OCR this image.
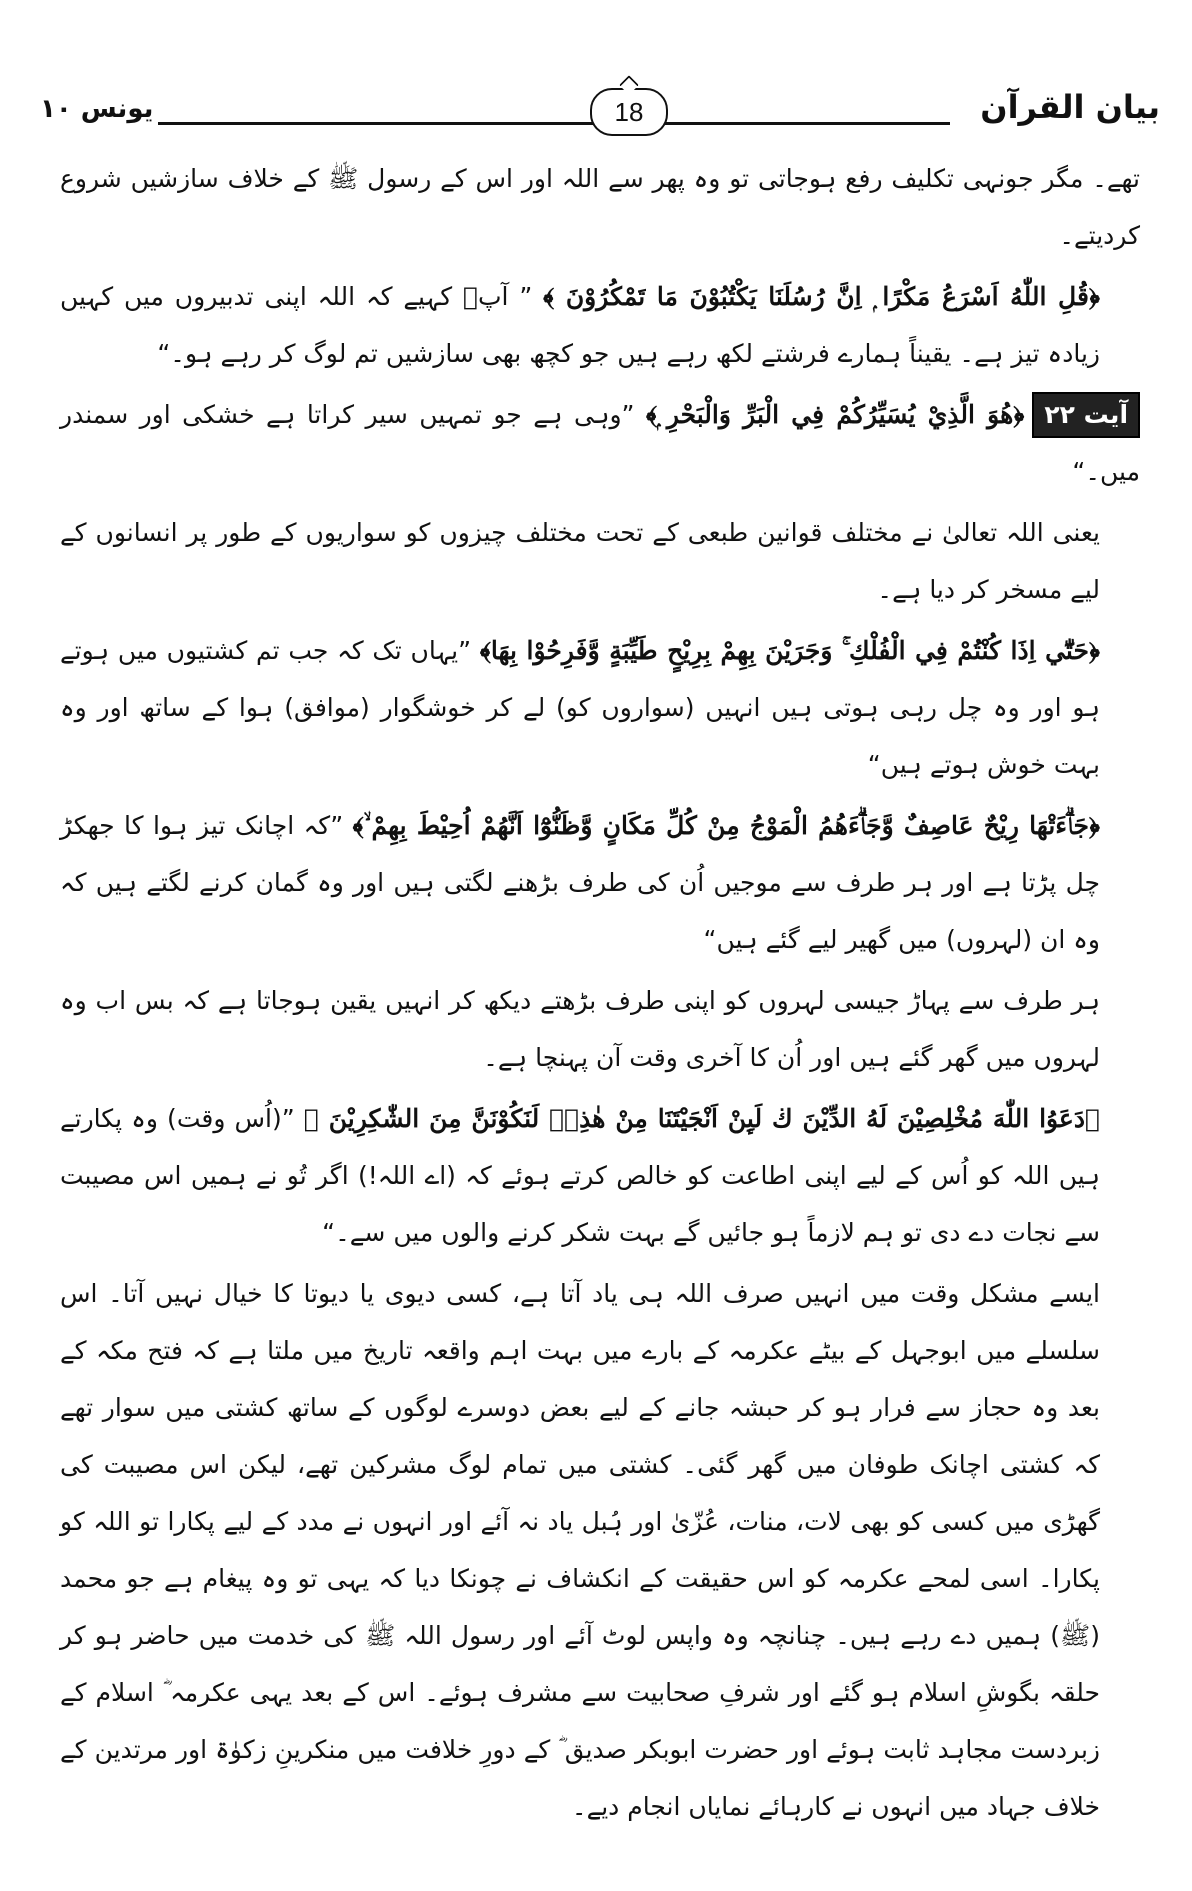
بیان القرآن
18
یونس ۱۰

تھے۔ مگر جونہی تکلیف رفع ہوجاتی تو وہ پھر سے اللہ اور اس کے رسول ﷺ کے خلاف سازشیں شروع کردیتے۔

﴿قُلِ اللّٰهُ اَسْرَعُ مَكْرًا ۭ اِنَّ رُسُلَنَا يَكْتُبُوْنَ مَا تَمْكُرُوْنَ ﴾ ” آپؐ کہیے کہ اللہ اپنی تدبیروں میں کہیں زیادہ تیز ہے۔ یقیناً ہمارے فرشتے لکھ رہے ہیں جو کچھ بھی سازشیں تم لوگ کر رہے ہو۔“

آیت ۲۲﴿هُوَ الَّذِيْ يُسَيِّرُكُمْ فِي الْبَرِّ وَالْبَحْرِ ۭ﴾ ”وہی ہے جو تمہیں سیر کراتا ہے خشکی اور سمندر میں۔“

یعنی اللہ تعالیٰ نے مختلف قوانین طبعی کے تحت مختلف چیزوں کو سواریوں کے طور پر انسانوں کے لیے مسخر کر دیا ہے۔

﴿حَتّٰٓي اِذَا كُنْتُمْ فِي الْفُلْكِ ۚ وَجَرَيْنَ بِهِمْ بِرِيْحٍ طَيِّبَةٍ وَّفَرِحُوْا بِهَا﴾ ”یہاں تک کہ جب تم کشتیوں میں ہوتے ہو اور وہ چل رہی ہوتی ہیں انہیں (سواروں کو) لے کر خوشگوار (موافق) ہوا کے ساتھ اور وہ بہت خوش ہوتے ہیں“

﴿جَاۗءَتْهَا رِيْحٌ عَاصِفٌ وَّجَاۗءَهُمُ الْمَوْجُ مِنْ كُلِّ مَكَانٍ وَّظَنُّوْٓا اَنَّهُمْ اُحِيْطَ بِهِمْ ۙ﴾ ”کہ اچانک تیز ہوا کا جھکڑ چل پڑتا ہے اور ہر طرف سے موجیں اُن کی طرف بڑھنے لگتی ہیں اور وہ گمان کرنے لگتے ہیں کہ وہ ان (لہروں) میں گھیر لیے گئے ہیں“

ہر طرف سے پہاڑ جیسی لہروں کو اپنی طرف بڑھتے دیکھ کر انہیں یقین ہوجاتا ہے کہ بس اب وہ لہروں میں گھر گئے ہیں اور اُن کا آخری وقت آن پہنچا ہے۔

﴿دَعَوُا اللّٰهَ مُخْلِصِيْنَ لَهُ الدِّيْنَ ڬ لَىِٕنْ اَنْجَيْتَنَا مِنْ هٰذِهٖ لَنَكُوْنَنَّ مِنَ الشّٰكِرِيْنَ ﴾ ”(اُس وقت) وہ پکارتے ہیں اللہ کو اُس کے لیے اپنی اطاعت کو خالص کرتے ہوئے کہ (اے اللہ!) اگر تُو نے ہمیں اس مصیبت سے نجات دے دی تو ہم لازماً ہو جائیں گے بہت شکر کرنے والوں میں سے۔“

ایسے مشکل وقت میں انہیں صرف اللہ ہی یاد آتا ہے، کسی دیوی یا دیوتا کا خیال نہیں آتا۔ اس سلسلے میں ابوجہل کے بیٹے عکرمہ کے بارے میں بہت اہم واقعہ تاریخ میں ملتا ہے کہ فتح مکہ کے بعد وہ حجاز سے فرار ہو کر حبشہ جانے کے لیے بعض دوسرے لوگوں کے ساتھ کشتی میں سوار تھے کہ کشتی اچانک طوفان میں گھر گئی۔ کشتی میں تمام لوگ مشرکین تھے، لیکن اس مصیبت کی گھڑی میں کسی کو بھی لات، منات، عُزّیٰ اور ہُبل یاد نہ آئے اور انہوں نے مدد کے لیے پکارا تو اللہ کو پکارا۔ اسی لمحے عکرمہ کو اس حقیقت کے انکشاف نے چونکا دیا کہ یہی تو وہ پیغام ہے جو محمد (ﷺ) ہمیں دے رہے ہیں۔ چنانچہ وہ واپس لوٹ آئے اور رسول اللہ ﷺ کی خدمت میں حاضر ہو کر حلقہ بگوشِ اسلام ہو گئے اور شرفِ صحابیت سے مشرف ہوئے۔ اس کے بعد یہی عکرمہ ؓ اسلام کے زبردست مجاہد ثابت ہوئے اور حضرت ابوبکر صدیق ؓ کے دورِ خلافت میں منکرینِ زکوٰۃ اور مرتدین کے خلاف جہاد میں انہوں نے کارہائے نمایاں انجام دیے۔
